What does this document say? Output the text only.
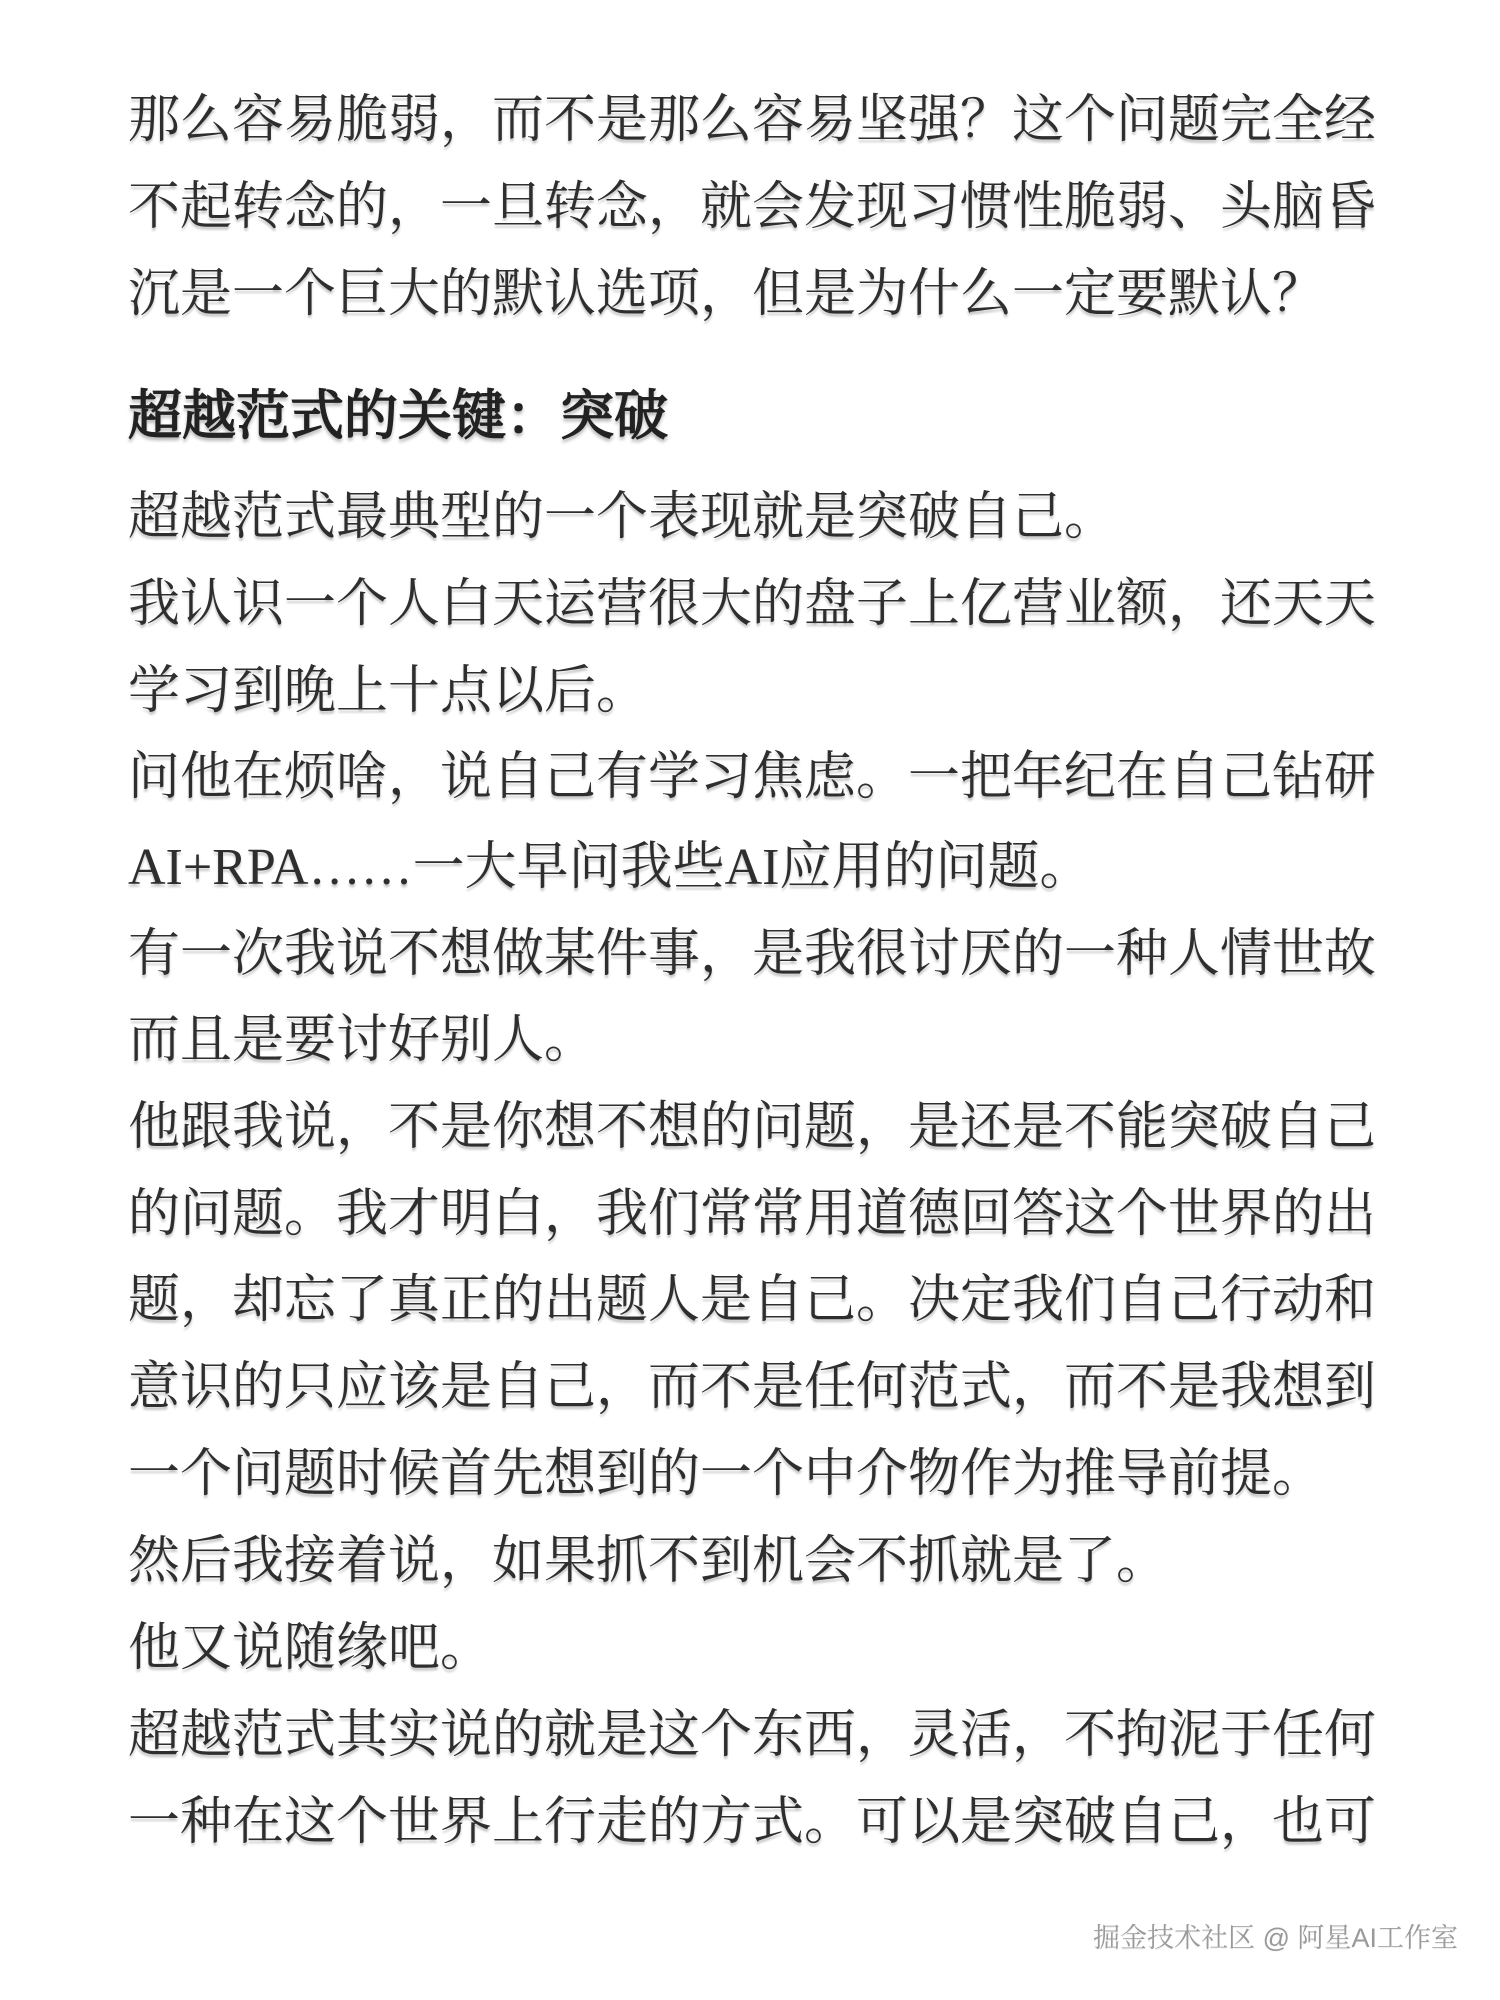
那么容易脆弱，而不是那么容易坚强？这个问题完全经
不起转念的，一旦转念，就会发现习惯性脆弱、头脑昏
沉是一个巨大的默认选项，但是为什么一定要默认？
超越范式的关键：突破
超越范式最典型的一个表现就是突破自己。
我认识一个人白天运营很大的盘子上亿营业额，还天天
学习到晚上十点以后。
问他在烦啥，说自己有学习焦虑。一把年纪在自己钻研
AI+RPA……一大早问我些AI应用的问题。
有一次我说不想做某件事，是我很讨厌的一种人情世故
而且是要讨好别人。
他跟我说，不是你想不想的问题，是还是不能突破自己
的问题。我才明白，我们常常用道德回答这个世界的出
题，却忘了真正的出题人是自己。决定我们自己行动和
意识的只应该是自己，而不是任何范式，而不是我想到
一个问题时候首先想到的一个中介物作为推导前提。
然后我接着说，如果抓不到机会不抓就是了。
他又说随缘吧。
超越范式其实说的就是这个东西，灵活，不拘泥于任何
一种在这个世界上行走的方式。可以是突破自己，也可
掘金技术社区 @ 阿星AI工作室
